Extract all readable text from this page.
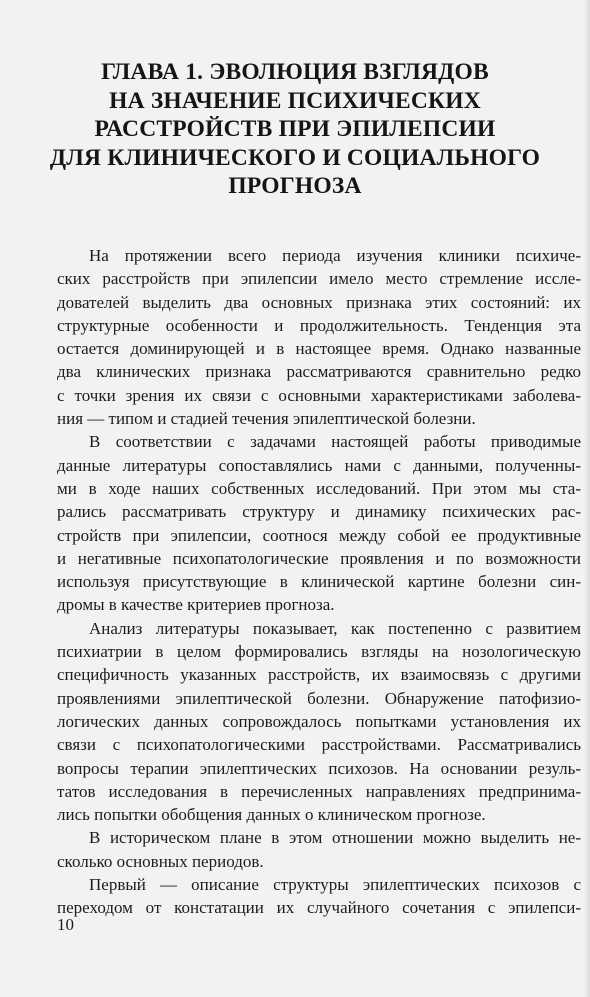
ГЛАВА 1. ЭВОЛЮЦИЯ ВЗГЛЯДОВ
НА ЗНАЧЕНИЕ ПСИХИЧЕСКИХ
РАССТРОЙСТВ ПРИ ЭПИЛЕПСИИ
ДЛЯ КЛИНИЧЕСКОГО И СОЦИАЛЬНОГО
ПРОГНОЗА
На протяжении всего периода изучения клиники психиче-
ских расстройств при эпилепсии имело место стремление иссле-
дователей выделить два основных признака этих состояний: их
структурные особенности и продолжительность. Тенденция эта
остается доминирующей и в настоящее время. Однако названные
два клинических признака рассматриваются сравнительно редко
с точки зрения их связи с основными характеристиками заболева-
ния — типом и стадией течения эпилептической болезни.
В соответствии с задачами настоящей работы приводимые
данные литературы сопоставлялись нами с данными, полученны-
ми в ходе наших собственных исследований. При этом мы ста-
рались рассматривать структуру и динамику психических рас-
стройств при эпилепсии, соотнося между собой ее продуктивные
и негативные психопатологические проявления и по возможности
используя присутствующие в клинической картине болезни син-
дромы в качестве критериев прогноза.
Анализ литературы показывает, как постепенно с развитием
психиатрии в целом формировались взгляды на нозологическую
специфичность указанных расстройств, их взаимосвязь с другими
проявлениями эпилептической болезни. Обнаружение патофизио-
логических данных сопровождалось попытками установления их
связи с психопатологическими расстройствами. Рассматривались
вопросы терапии эпилептических психозов. На основании резуль-
татов исследования в перечисленных направлениях предпринима-
лись попытки обобщения данных о клиническом прогнозе.
В историческом плане в этом отношении можно выделить не-
сколько основных периодов.
Первый — описание структуры эпилептических психозов с
переходом от констатации их случайного сочетания с эпилепси-
10
